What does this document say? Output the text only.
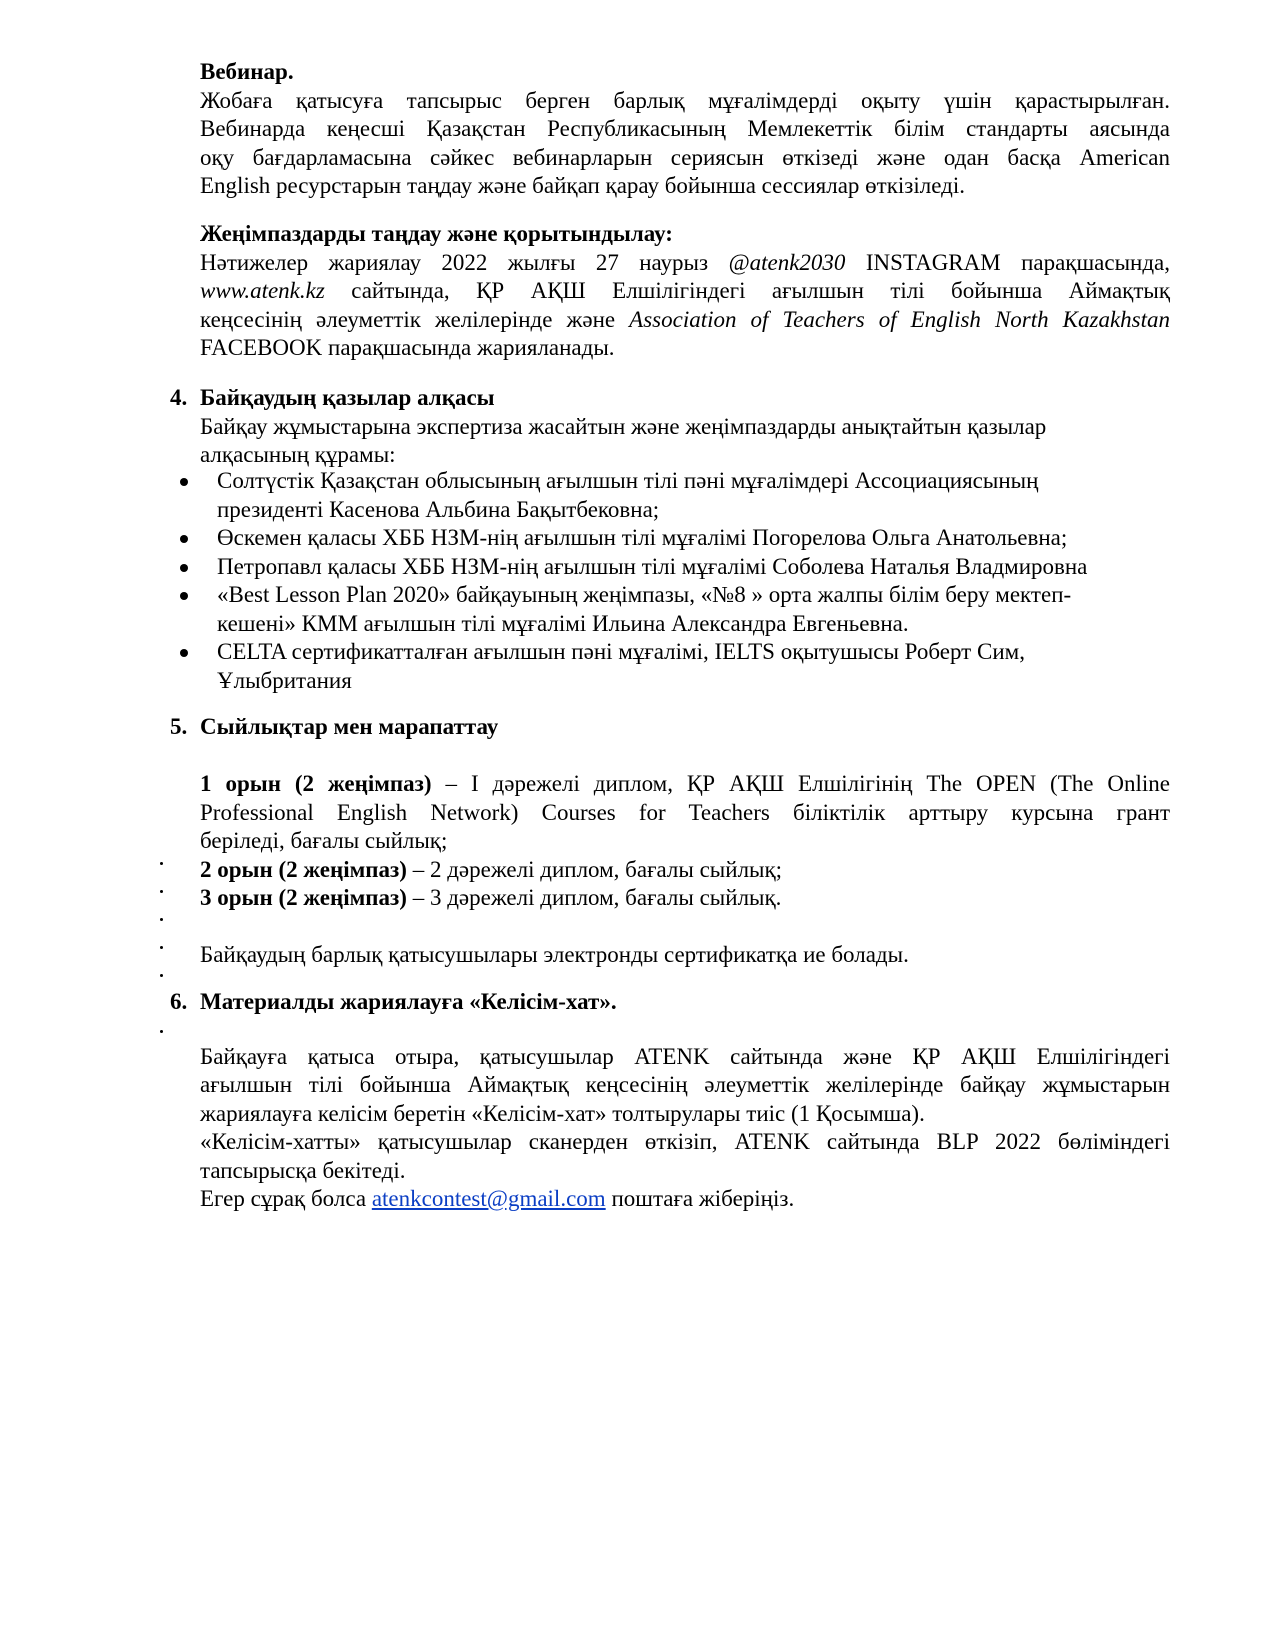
Вебинар.
Жобаға қатысуға тапсырыс берген барлық мұғалімдерді оқыту үшін қарастырылған.
Вебинарда кеңесші Қазақстан Республикасының Мемлекеттік білім стандарты аясында
оқу бағдарламасына сәйкес вебинарларын сериясын өткізеді және одан басқа American
English ресурстарын таңдау және байқап қарау бойынша сессиялар өткізіледі.
Жеңімпаздарды таңдау және қорытындылау:
Нәтижелер жариялау 2022 жылғы 27 наурыз @atenk2030 INSTAGRAM парақшасында,
www.atenk.kz сайтында, ҚР АҚШ Елшілігіндегі ағылшын тілі бойынша Аймақтық
кеңсесінің әлеуметтік желілерінде және Association of Teachers of English North Kazakhstan
FACEBOOK парақшасында жарияланады.
4. Байқаудың қазылар алқасы
Байқау жұмыстарына экспертиза жасайтын және жеңімпаздарды анықтайтын қазылар
алқасының құрамы:
Солтүстік Қазақстан облысының ағылшын тілі пәні мұғалімдері Ассоциациясының
президенті Касенова Альбина Бақытбековна;
Өскемен қаласы ХББ НЗМ-нің ағылшын тілі мұғалімі Погорелова Ольга Анатольевна;
Петропавл қаласы ХББ НЗМ-нің ағылшын тілі мұғалімі Соболева Наталья Владмировна
«Best Lesson Plan 2020» байқауының жеңімпазы, «№8 » орта жалпы білім беру мектеп-
кешені» КММ ағылшын тілі мұғалімі Ильина Александра Евгеньевна.
CELTA сертификатталған ағылшын пәні мұғалімі, IELTS оқытушысы Роберт Сим,
Ұлыбритания
5. Сыйлықтар мен марапаттау
1 орын (2 жеңімпаз) – I дәрежелі диплом, ҚР АҚШ Елшілігінің The OPEN (The Online
Professional English Network) Courses for Teachers біліктілік арттыру курсына грант
беріледі, бағалы сыйлық;
2 орын (2 жеңімпаз) – 2 дәрежелі диплом, бағалы сыйлық;
3 орын (2 жеңімпаз) – 3 дәрежелі диплом, бағалы сыйлық.
Байқаудың барлық қатысушылары электронды сертификатқа ие болады.
6. Материалды жариялауға «Келісім-хат».
Байқауға қатыса отыра, қатысушылар ATENK сайтында және ҚР АҚШ Елшілігіндегі
ағылшын тілі бойынша Аймақтық кеңсесінің әлеуметтік желілерінде байқау жұмыстарын
жариялауға келісім беретін «Келісім-хат» толтырулары тиіс (1 Қосымша).
«Келісім-хатты» қатысушылар сканерден өткізіп, ATENK сайтында BLP 2022 бөліміндегі
тапсырысқа бекітеді.
Егер сұрақ болса atenkcontest@gmail.com поштаға жіберіңіз.
